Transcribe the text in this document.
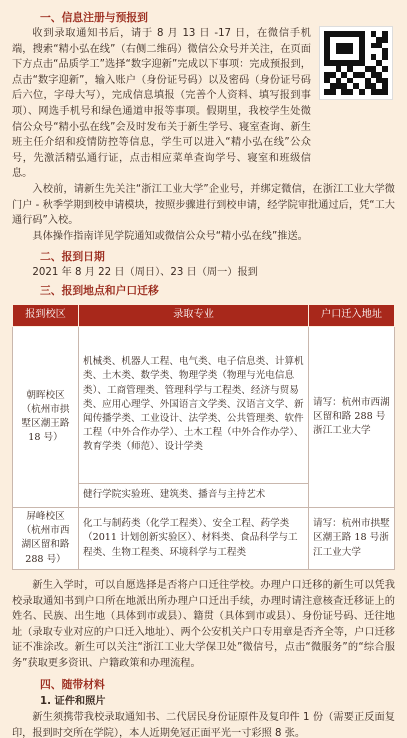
一、信息注册与预报到

收到录取通知书后，请于 8 月 13 日 -17 日，在微信手机端，搜索“精小弘在线”（右侧二维码）微信公众号并关注，在页面下方点击“品质学工”选择“数字迎新”完成以下事项：完成预报到，点击“数字迎新”，输入账户（身份证号码）以及密码（身份证号码后六位，字母大写），完成信息填报（完善个人资料、填写报到事项）、网选手机号和绿色通道申报等事项。假期里，我校学生处微信公众号“精小弘在线”会及时发布关于新生学号、寝室查询、新生班主任介绍和疫情防控等信息，学生可以进入“精小弘在线”公众号，先激活精弘通行证，点击相应菜单查询学号、寝室和班级信息。

入校前，请新生先关注“浙江工业大学”企业号，并绑定微信，在浙江工业大学微门户 - 秋季学期到校申请模块，按照步骤进行到校申请，经学院审批通过后，凭“工大通行码”入校。

具体操作指南详见学院通知或微信公众号“精小弘在线”推送。

二、报到日期

2021 年 8 月 22 日（周日）、23 日（周一）报到

三、报到地点和户口迁移
报到校区	录取专业	户口迁入地址
朝晖校区（杭州市拱墅区潮王路 18 号）	机械类、机器人工程、电气类、电子信息类、计算机类、土木类、数学类、物理学类（物理与光电信息类）、工商管理类、管理科学与工程类、经济与贸易类、应用心理学、外国语言文学类、汉语言文学、新闻传播学类、工业设计、法学类、公共管理类、软件工程（中外合作办学）、土木工程（中外合作办学）、教育学类（师范）、设计学类	请写：杭州市西湖区留和路 288 号浙江工业大学
	健行学院实验班、建筑类、播音与主持艺术	
屏峰校区（杭州市西湖区留和路 288 号）	化工与制药类（化学工程类）、安全工程、药学类（2011 计划创新实验区）、材料类、食品科学与工程类、生物工程类、环境科学与工程类	请写：杭州市拱墅区潮王路 18 号浙江工业大学

新生入学时，可以自愿选择是否将户口迁往学校。办理户口迁移的新生可以凭我校录取通知书到户口所在地派出所办理户口迁出手续，办理时请注意核查迁移证上的姓名、民族、出生地（具体到市或县）、籍贯（具体到市或县）、身份证号码、迁往地址（录取专业对应的户口迁入地址）、两个公安机关户口专用章是否齐全等，户口迁移证不准涂改。新生可以关注“浙江工业大学保卫处”微信号，点击“微服务”的“综合服务”获取更多资讯、户籍政策和办理流程。

四、随带材料
1. 证件和照片

新生须携带我校录取通知书、二代居民身份证原件及复印件 1 份（需要正反面复印，报到时交所在学院），本人近期免冠正面平光一寸彩照 8 张。
